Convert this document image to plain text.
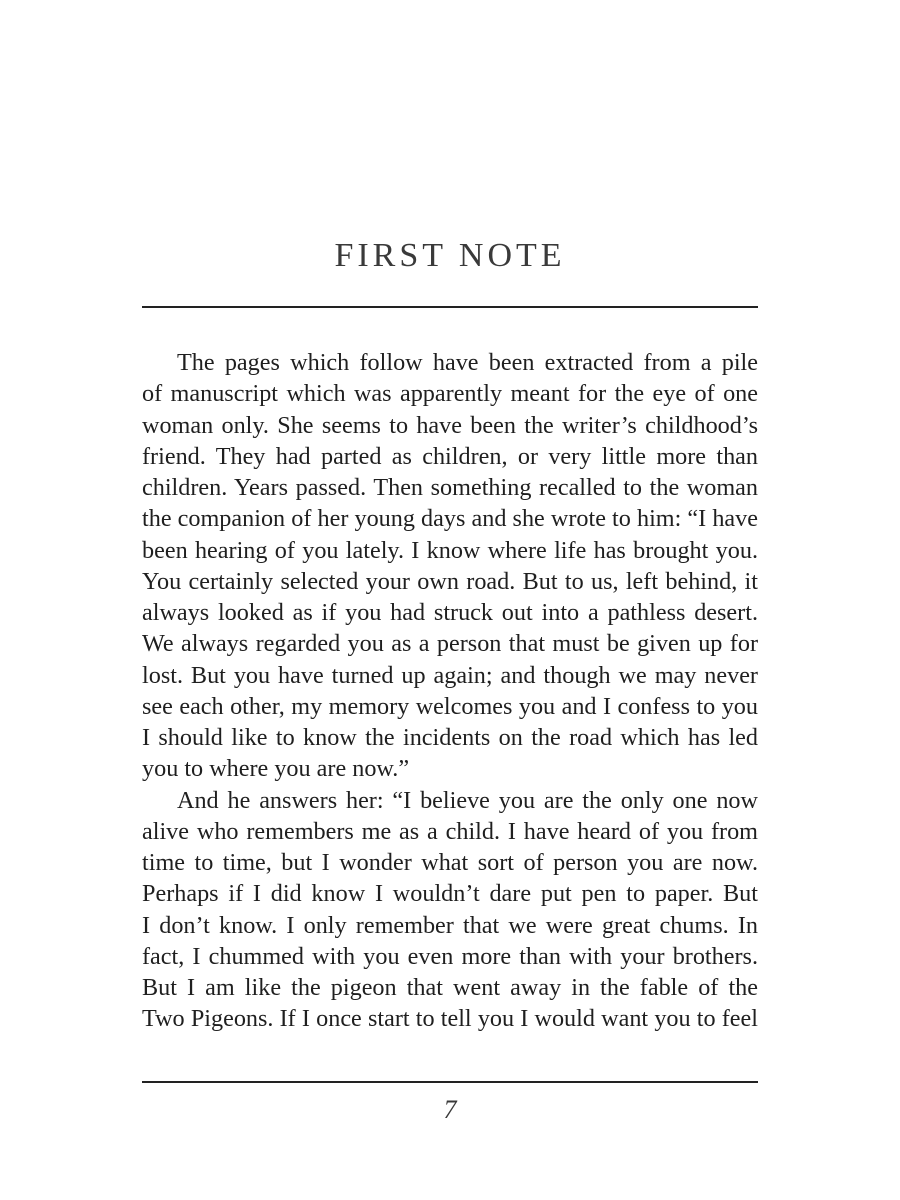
FIRST NOTE
The pages which follow have been extracted from a pile
of manuscript which was apparently meant for the eye of one
woman only. She seems to have been the writer’s childhood’s
friend. They had parted as children, or very little more than
children. Years passed. Then something recalled to the woman
the companion of her young days and she wrote to him: “I have
been hearing of you lately. I know where life has brought you.
You certainly selected your own road. But to us, left behind, it
always looked as if you had struck out into a pathless desert.
We always regarded you as a person that must be given up for
lost. But you have turned up again; and though we may never
see each other, my memory welcomes you and I confess to you
I should like to know the incidents on the road which has led
you to where you are now.”
And he answers her: “I believe you are the only one now
alive who remembers me as a child. I have heard of you from
time to time, but I wonder what sort of person you are now.
Perhaps if I did know I wouldn’t dare put pen to paper. But
I don’t know. I only remember that we were great chums. In
fact, I chummed with you even more than with your brothers.
But I am like the pigeon that went away in the fable of the
Two Pigeons. If I once start to tell you I would want you to feel
7
